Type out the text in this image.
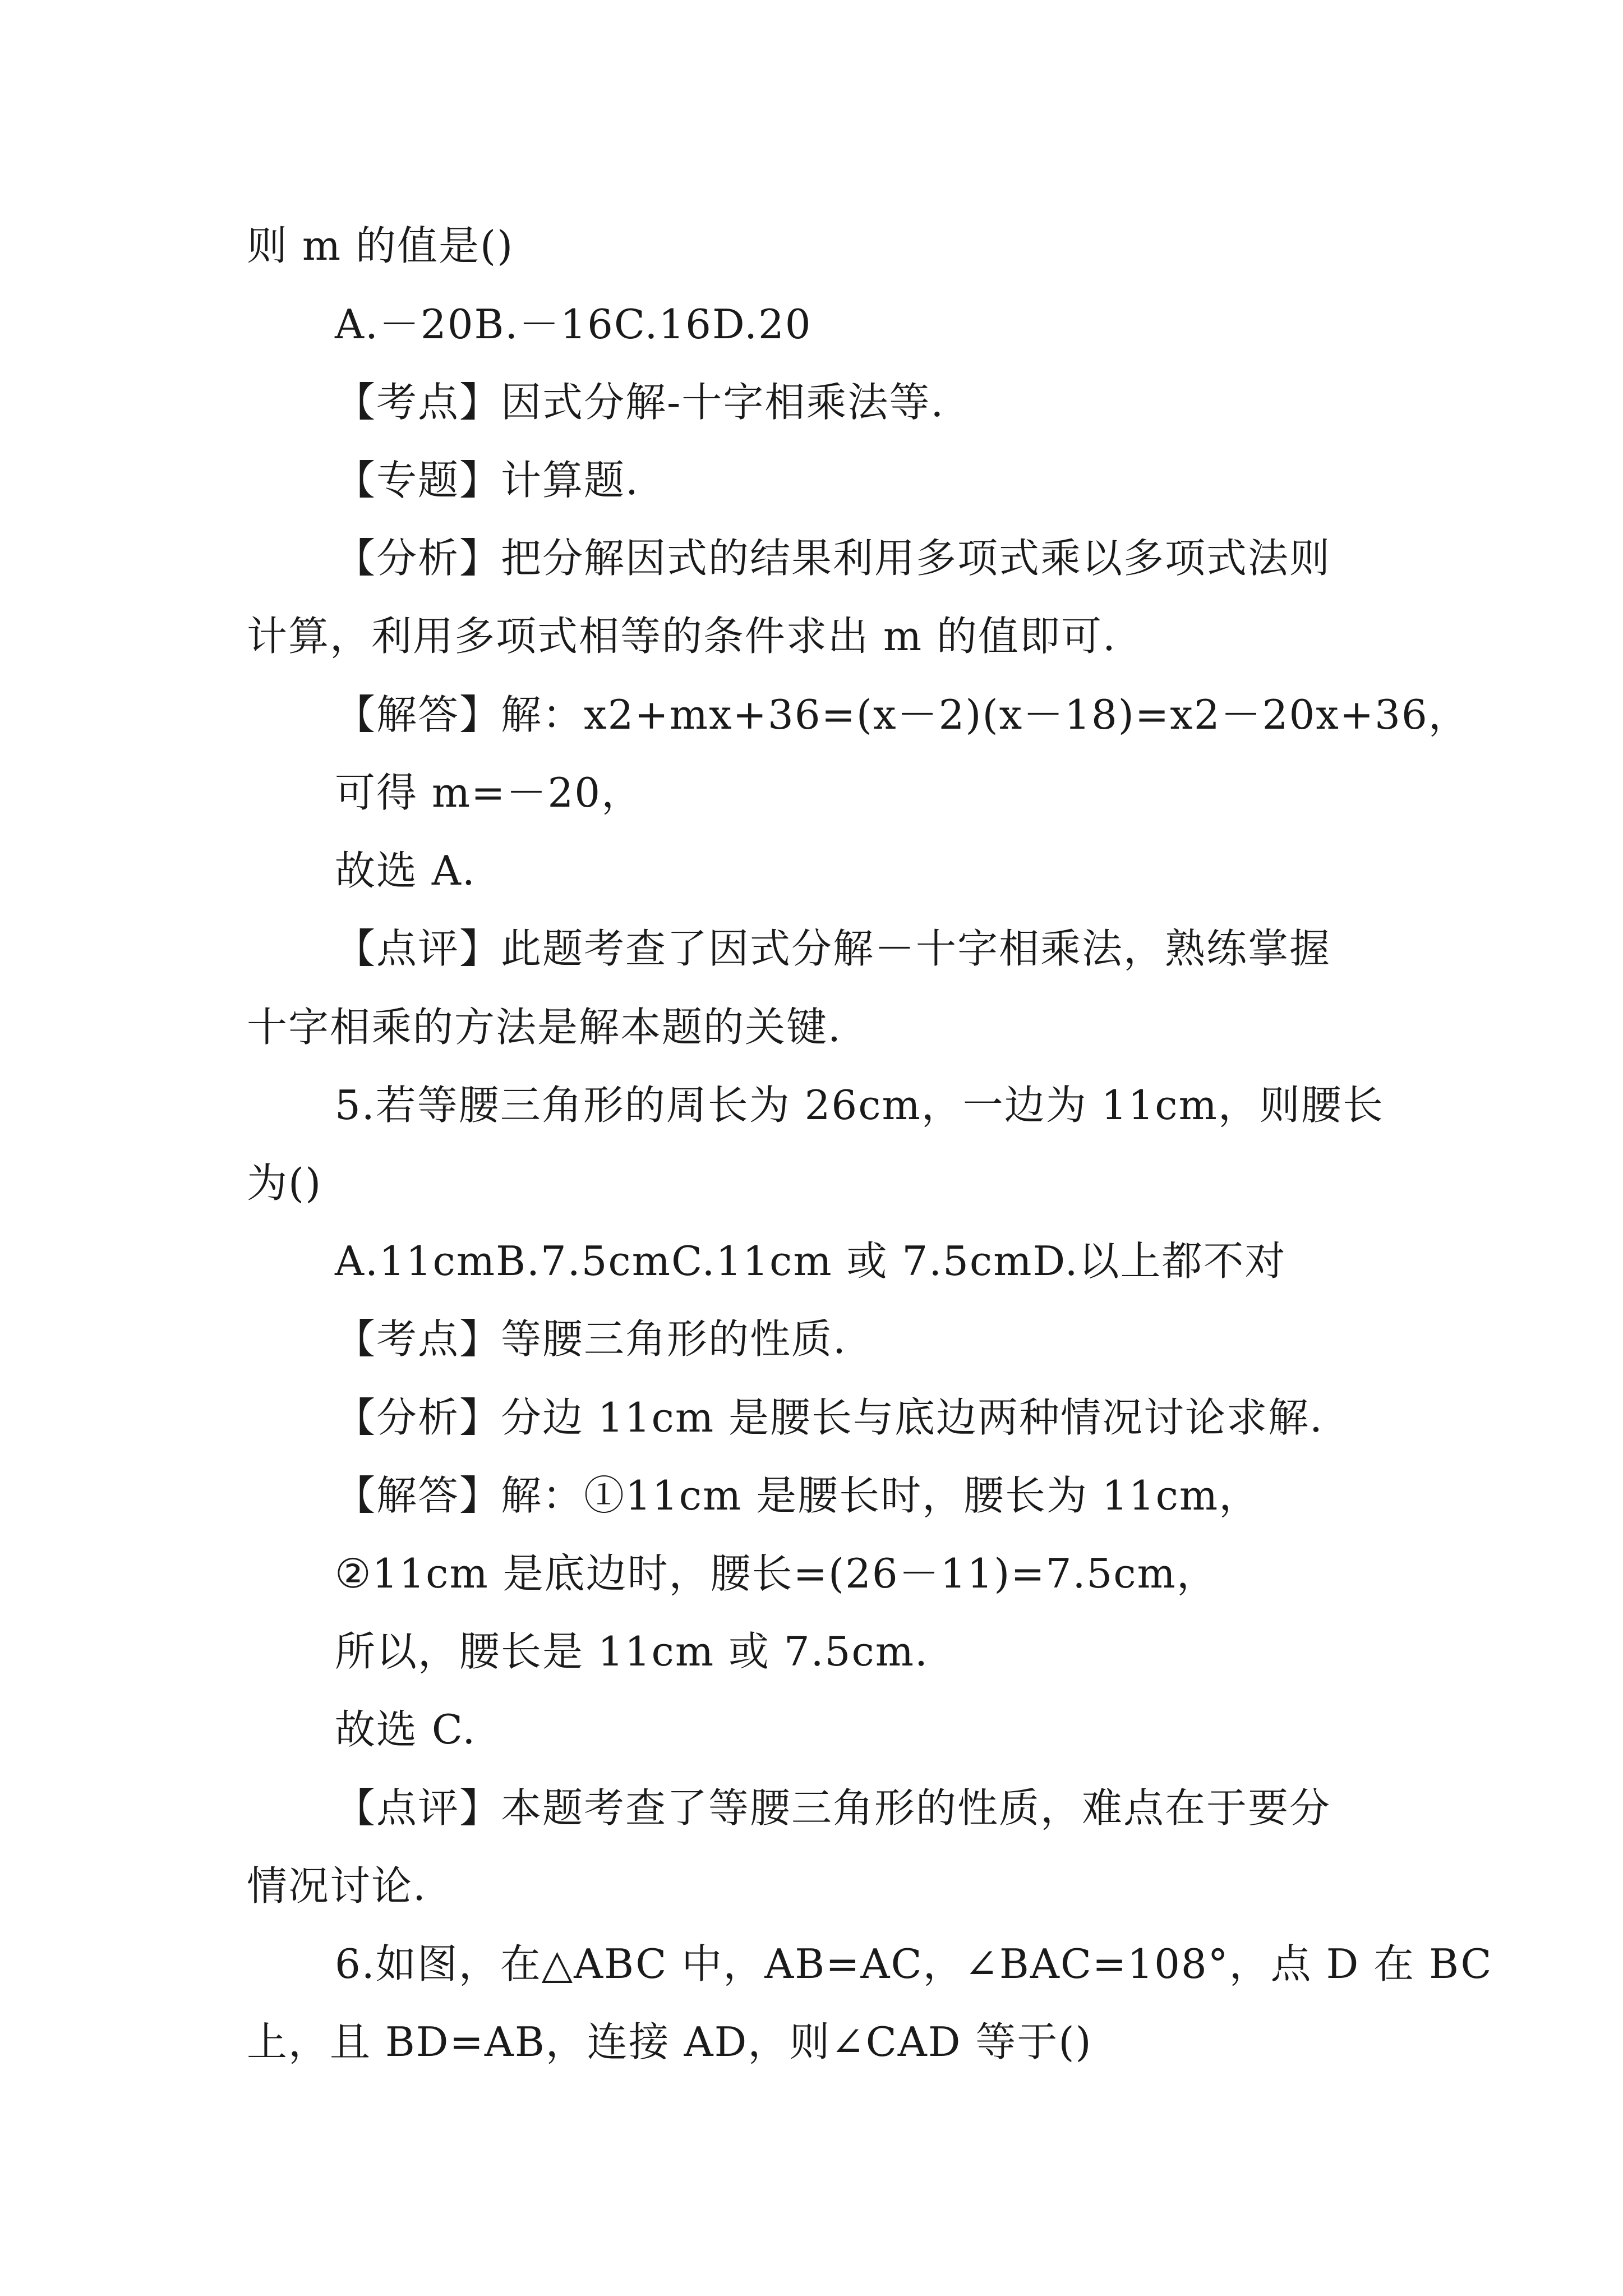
则 m 的值是()
A.－20B.－16C.16D.20
【考点】因式分解-十字相乘法等.
【专题】计算题.
【分析】把分解因式的结果利用多项式乘以多项式法则
计算，利用多项式相等的条件求出 m 的值即可.
【解答】解：x2+mx+36=(x－2)(x－18)=x2－20x+36，
可得 m=－20，
故选 A.
【点评】此题考查了因式分解－十字相乘法，熟练掌握
十字相乘的方法是解本题的关键.
5.若等腰三角形的周长为 26cm，一边为 11cm，则腰长
为()
A.11cmB.7.5cmC.11cm 或 7.5cmD.以上都不对
【考点】等腰三角形的性质.
【分析】分边 11cm 是腰长与底边两种情况讨论求解.
【解答】解：①11cm 是腰长时，腰长为 11cm，
②11cm 是底边时，腰长=(26－11)=7.5cm，
所以，腰长是 11cm 或 7.5cm.
故选 C.
【点评】本题考查了等腰三角形的性质，难点在于要分
情况讨论.
6.如图，在△ABC 中，AB=AC，∠BAC=108°，点 D 在 BC
上，且 BD=AB，连接 AD，则∠CAD 等于()
